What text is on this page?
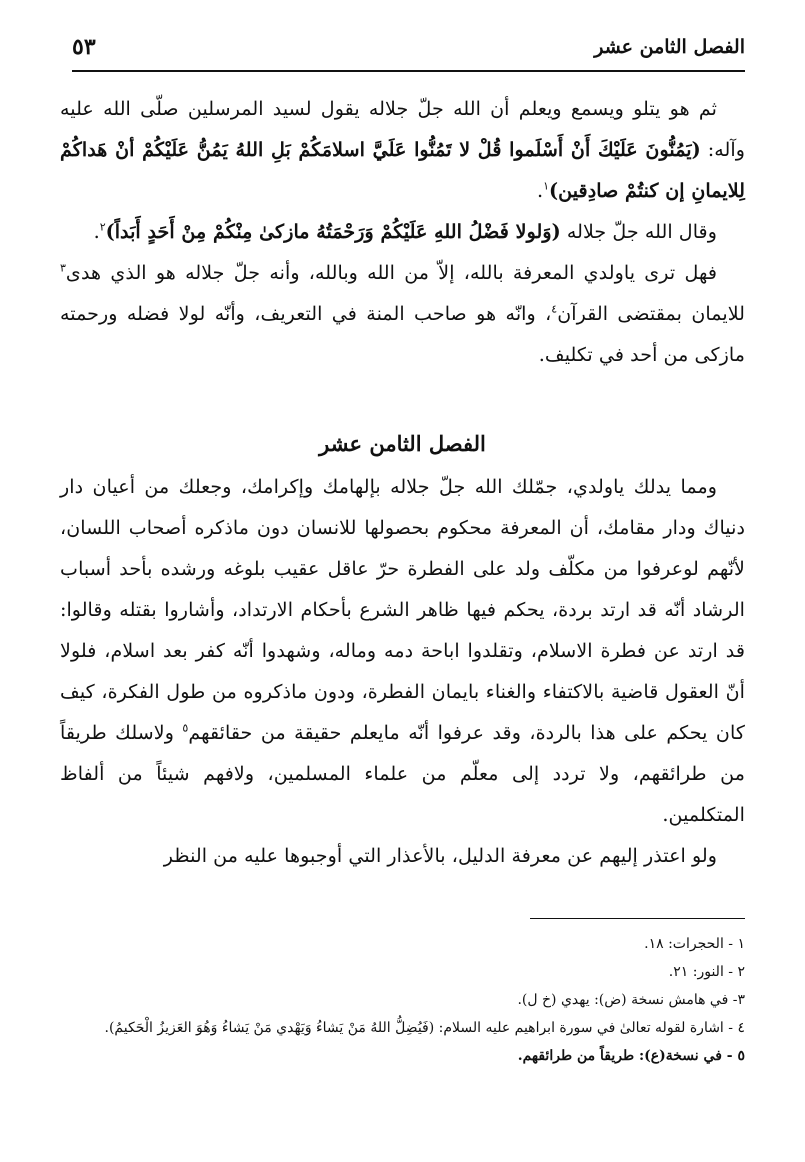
الفصل الثامن عشر
٥٣

ثم هو يتلو ويسمع ويعلم أن الله جلّ جلاله يقول لسيد المرسلين صلّى الله عليه وآله: (يَمُنُّونَ عَلَيْكَ أَنْ أَسْلَموا قُلْ لا تَمُنُّوا عَلَيَّ اسلامَكُمْ بَلِ اللهُ يَمُنُّ عَلَيْكُمْ أنْ هَداكُمْ لِلايمانِ إن كنتُمْ صادِقين)$^١$.

وقال الله جلّ جلاله (وَلولا فَضْلُ اللهِ عَلَيْكُمْ وَرَحْمَتُهُ مازكىٰ مِنْكُمْ مِنْ أَحَدٍ أَبَداً)$^٢$.

فهل ترى ياولدي المعرفة بالله، إلاّ من الله وبالله، وأنه جلّ جلاله هو الذي هدى$^٣$ للايمان بمقتضى القرآن$^٤$، وانّه هو صاحب المنة في التعريف، وأنّه لولا فضله ورحمته مازكى من أحد في تكليف.

الفصل الثامن عشر

ومما يدلك ياولدي، جمّلك الله جلّ جلاله بإلهامك وإكرامك، وجعلك من أعيان دار دنياك ودار مقامك، أن المعرفة محكوم بحصولها للانسان دون ماذكره أصحاب اللسان، لأنّهم لوعرفوا من مكلّف ولد على الفطرة حرّ عاقل عقيب بلوغه ورشده بأحد أسباب الرشاد أنّه قد ارتد بردة، يحكم فيها ظاهر الشرع بأحكام الارتداد، وأشاروا بقتله وقالوا: قد ارتد عن فطرة الاسلام، وتقلدوا اباحة دمه وماله، وشهدوا أنّه كفر بعد اسلام، فلولا أنّ العقول قاضية بالاكتفاء والغناء بايمان الفطرة، ودون ماذكروه من طول الفكرة، كيف كان يحكم على هذا بالردة، وقد عرفوا أنّه مايعلم حقيقة من حقائقهم$^٥$ ولاسلك طريقاً من طرائقهم، ولا تردد إلى معلّم من علماء المسلمين، ولافهم شيئاً من ألفاظ المتكلمين.

ولو اعتذر إليهم عن معرفة الدليل، بالأعذار التي أوجبوها عليه من النظر

١ - الحجرات: ١٨.

٢ - النور: ٢١.

٣- في هامش نسخة (ض): يهدي (خ ل).

٤ - اشارة لقوله تعالىٰ في سورة ابراهيم عليه السلام: (فَيُضِلُّ اللهُ مَنْ يَشاءُ وَيَهْدي مَنْ يَشاءُ وَهُوَ العَزيزُ الْحَكيمُ).

٥ - في نسخة(ع): طريقاً من طرائقهم.
